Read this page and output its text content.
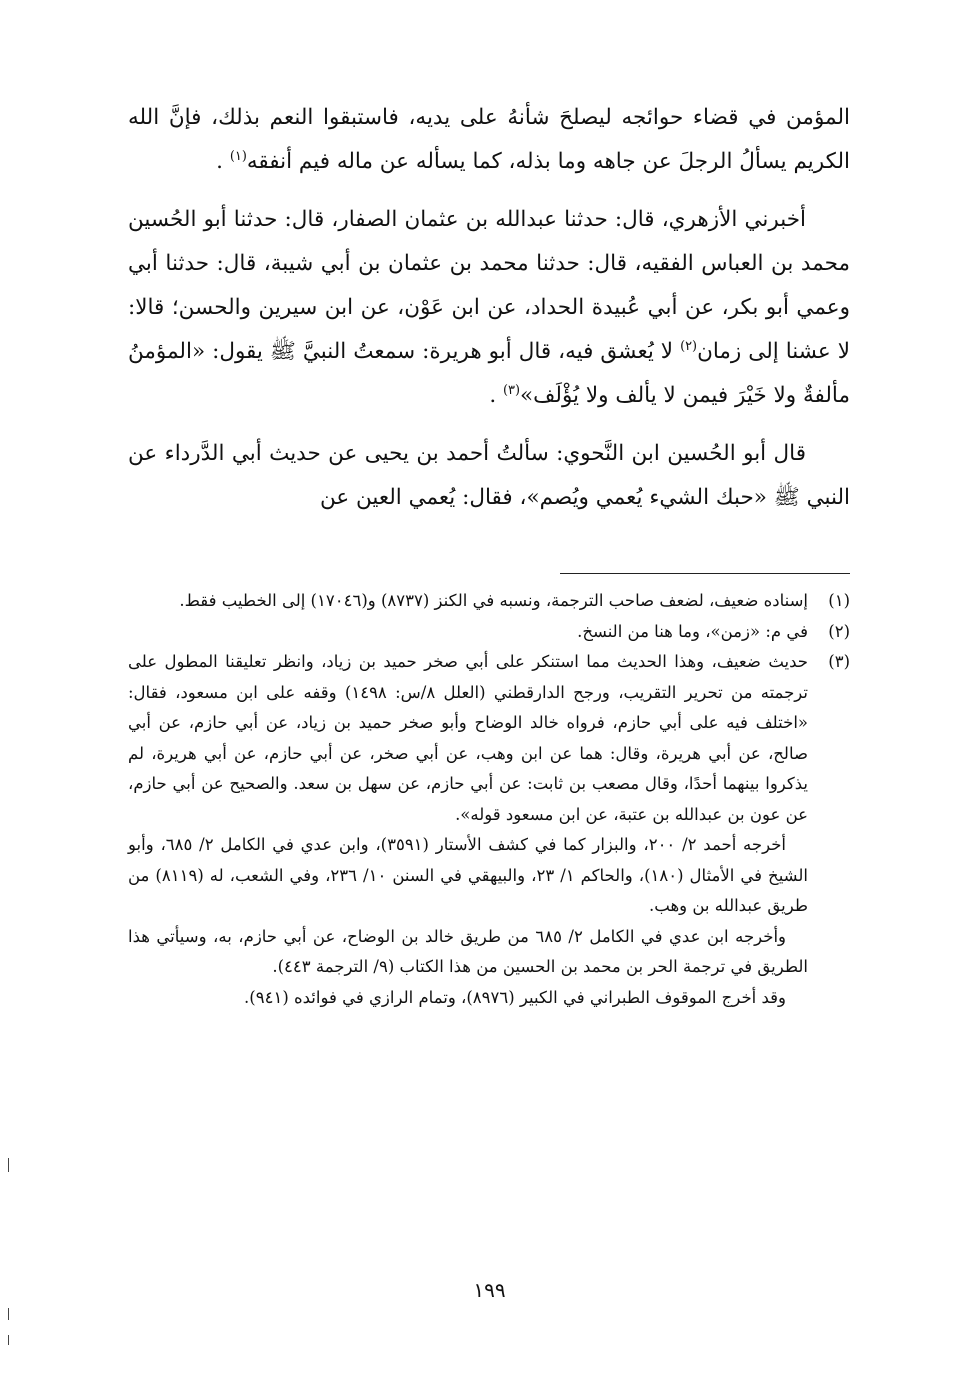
المؤمن في قضاء حوائجه ليصلحَ شأنهُ على يديه، فاستبقوا النعم بذلك، فإنَّ الله الكريم يسألُ الرجلَ عن جاهه وما بذله، كما يسأله عن ماله فيم أنفقه$^{(١)}$ .

أخبرني الأزهري، قال: حدثنا عبدالله بن عثمان الصفار، قال: حدثنا أبو الحُسين محمد بن العباس الفقيه، قال: حدثنا محمد بن عثمان بن أبي شيبة، قال: حدثنا أبي وعمي أبو بكر، عن أبي عُبيدة الحداد، عن ابن عَوْن، عن ابن سيرين والحسن؛ قالا: لا عشنا إلى زمان$^{(٢)}$ لا يُعشق فيه، قال أبو هريرة: سمعتُ النبيَّ ﷺ يقول: «المؤمنُ مألفةٌ ولا خَيْرَ فيمن لا يألف ولا يُؤْلَف»$^{(٣)}$ .

قال أبو الحُسين ابن النَّحوي: سألتُ أحمد بن يحيى عن حديث أبي الدَّرداء عن النبي ﷺ «حبك الشيء يُعمي ويُصم»، فقال: يُعمي العين عن

(١)
إسناده ضعيف، لضعف صاحب الترجمة، ونسبه في الكنز (٨٧٣٧) و(١٧٠٤٦) إلى الخطيب فقط.

(٢)
في م: «زمن»، وما هنا من النسخ.

(٣)
حديث ضعيف، وهذا الحديث مما استنكر على أبي صخر حميد بن زياد، وانظر تعليقنا المطول على ترجمته من تحرير التقريب، ورجح الدارقطني (العلل ٨/س: ١٤٩٨) وقفه على ابن مسعود، فقال: «اختلف فيه على أبي حازم، فرواه خالد الوضاح وأبو صخر حميد بن زياد، عن أبي حازم، عن أبي صالح، عن أبي هريرة، وقال: هما عن ابن وهب، عن أبي صخر، عن أبي حازم، عن أبي هريرة، لم يذكروا بينهما أحدًا، وقال مصعب بن ثابت: عن أبي حازم، عن سهل بن سعد. والصحيح عن أبي حازم، عن عون بن عبدالله بن عتبة، عن ابن مسعود قوله».

أخرجه أحمد ٢/ ٢٠٠، والبزار كما في كشف الأستار (٣٥٩١)، وابن عدي في الكامل ٢/ ٦٨٥، وأبو الشيخ في الأمثال (١٨٠)، والحاكم ١/ ٢٣، والبيهقي في السنن ١٠/ ٢٣٦، وفي الشعب، له (٨١١٩) من طريق عبدالله بن وهب.

وأخرجه ابن عدي في الكامل ٢/ ٦٨٥ من طريق خالد بن الوضاح، عن أبي حازم، به، وسيأتي هذا الطريق في ترجمة الحر بن محمد بن الحسين من هذا الكتاب (٩/ الترجمة ٤٤٣).

وقد أخرج الموقوف الطبراني في الكبير (٨٩٧٦)، وتمام الرازي في فوائده (٩٤١).

١٩٩
